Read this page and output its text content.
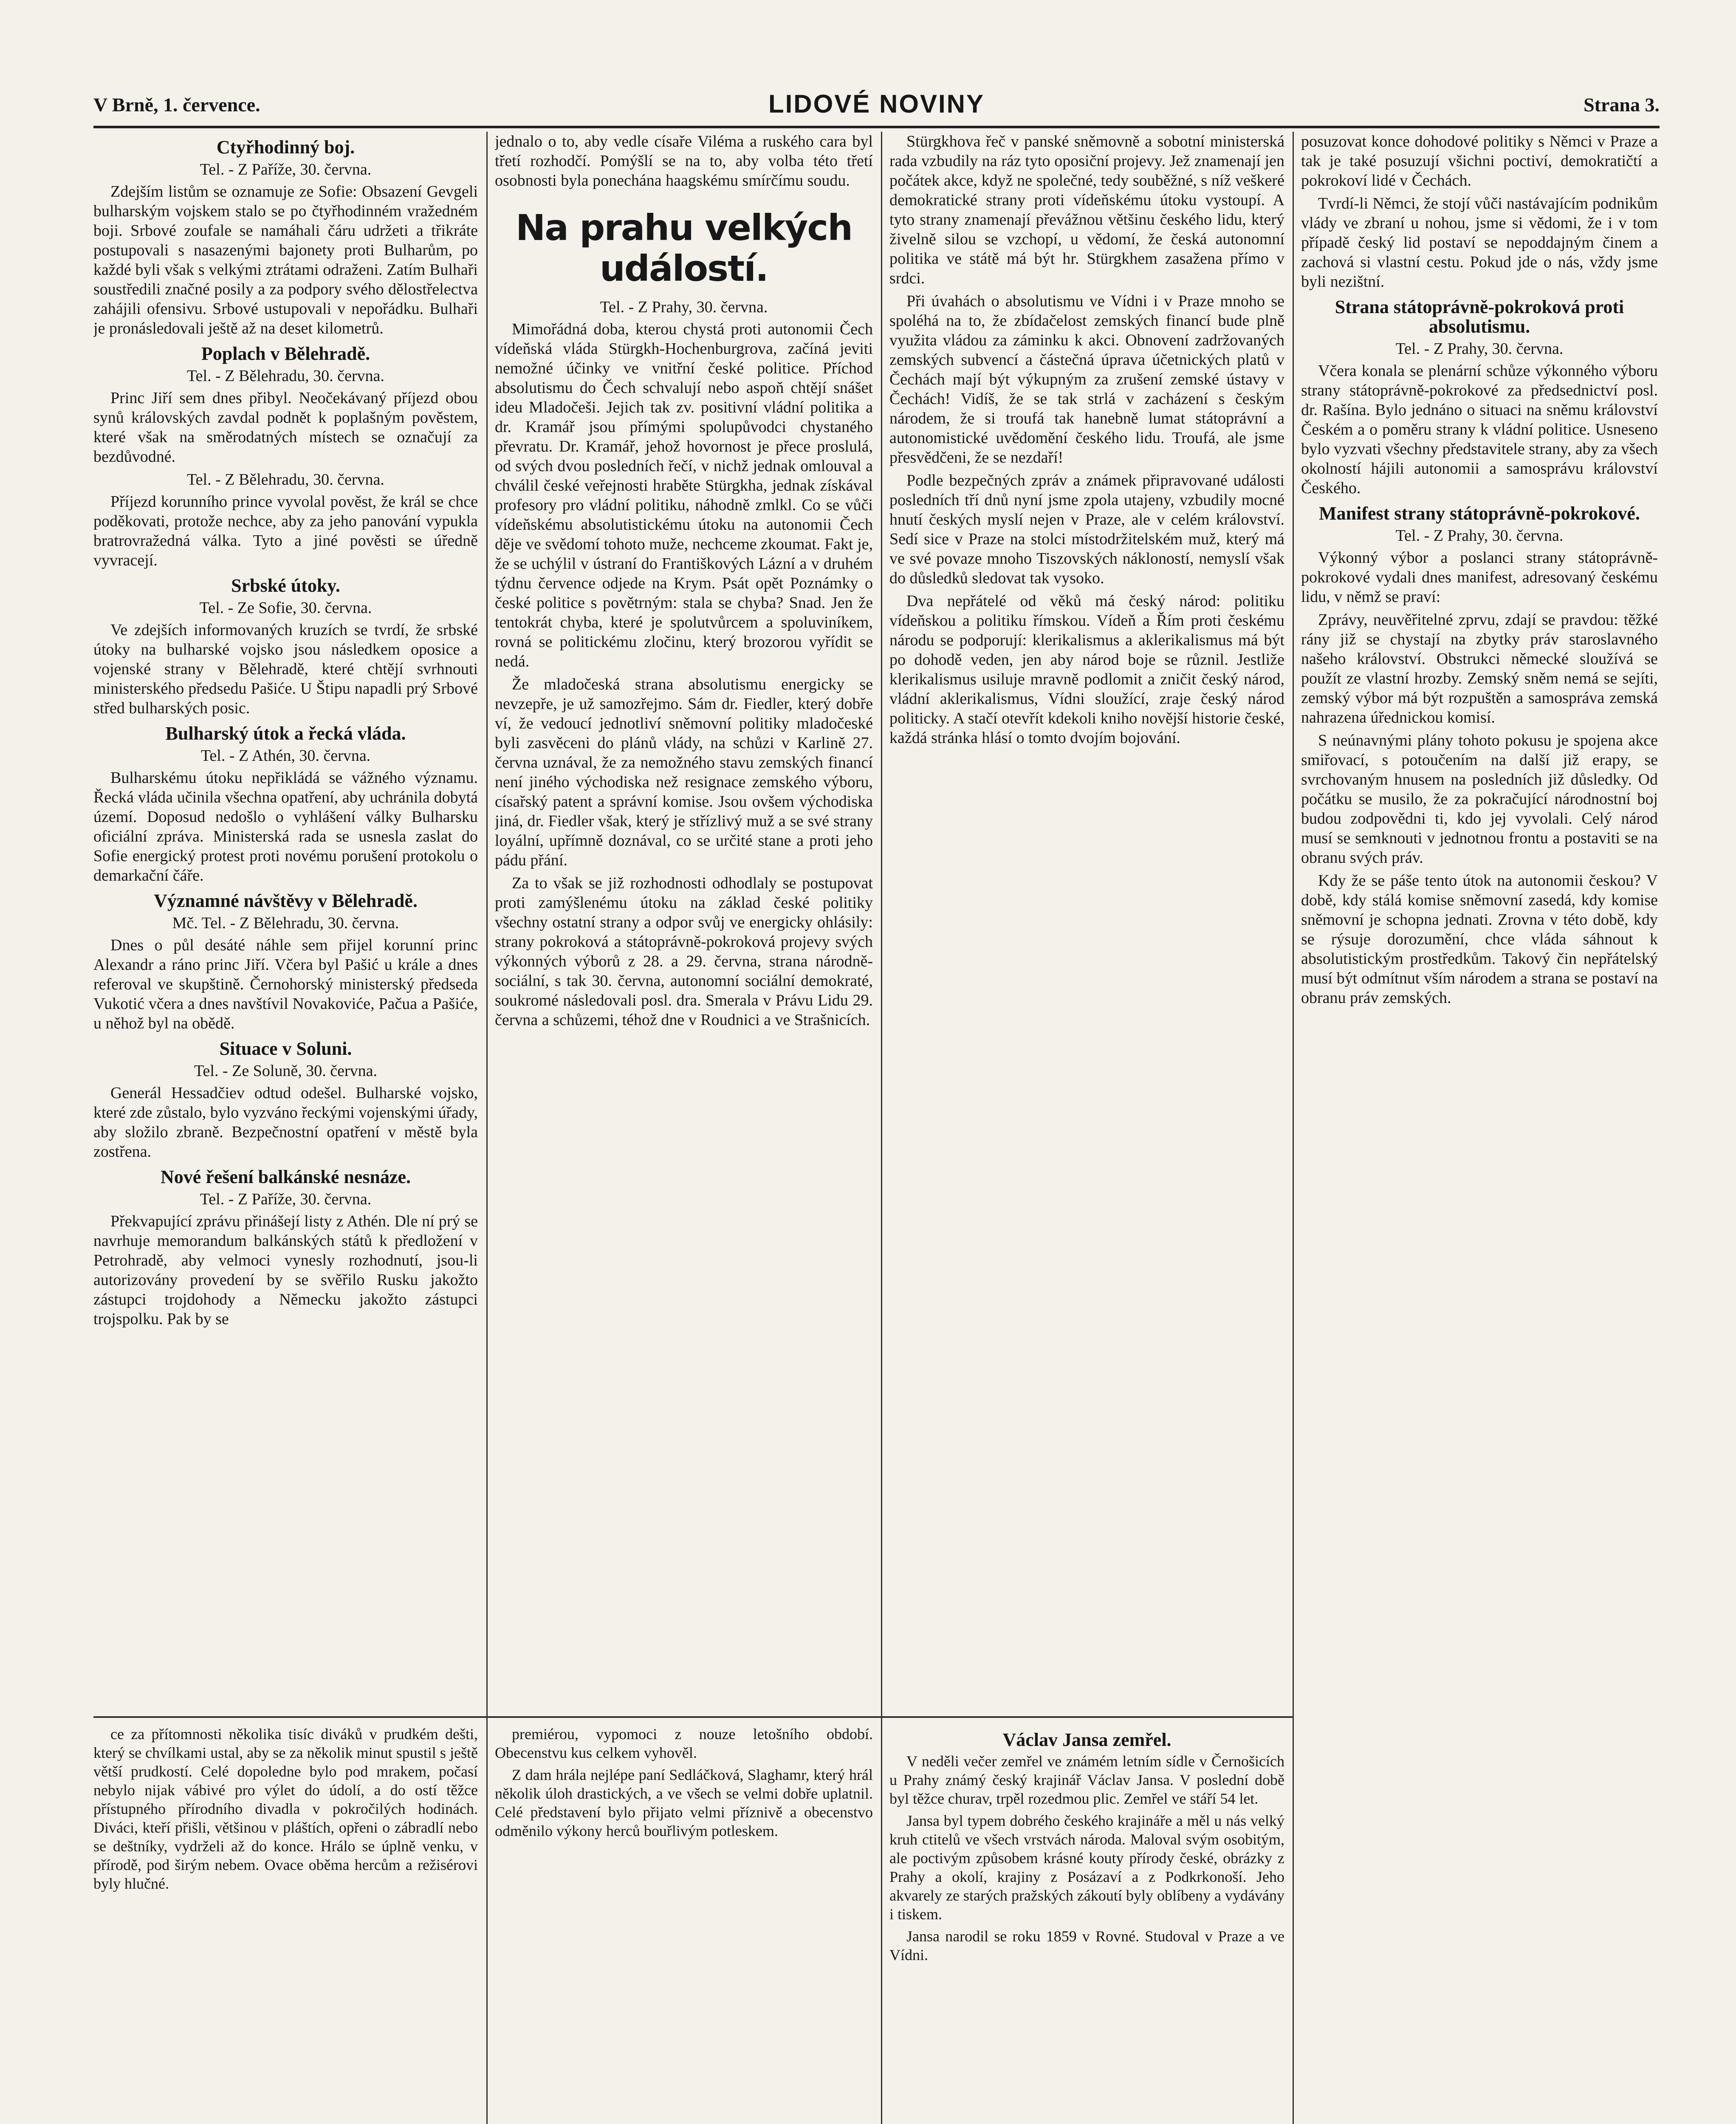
V Brně, 1. července.	LIDOVÉ NOVINY	Strana 3.
Ctyřhodinný boj.
Tel. - Z Paříže, 30. června.

Zdejším listům se oznamuje ze Sofie: Obsazení Gevgeli bulharským vojskem stalo se po čtyřhodinném vražedném boji. Srbové zoufale se namáhali čáru udržeti a třikráte postupovali s nasazenými bajonety proti Bulharům, po každé byli však s velkými ztrátami odraženi. Zatím Bulhaři soustředili značné posily a za podpory svého dělostřelectva zahájili ofensivu. Srbové ustupovali v nepořádku. Bulhaři je pronásledovali ještě až na deset kilometrů.

Poplach v Bělehradě.
Tel. - Z Bělehradu, 30. června.

Princ Jiří sem dnes přibyl. Neočekávaný příjezd obou synů královských zavdal podnět k poplašným pověstem, které však na směrodatných místech se označují za bezdůvodné.

Tel. - Z Bělehradu, 30. června.

Příjezd korunního prince vyvolal pověst, že král se chce poděkovati, protože nechce, aby za jeho panování vypukla bratrovražedná válka. Tyto a jiné pověsti se úředně vyvracejí.

Srbské útoky.
Tel. - Ze Sofie, 30. června.

Ve zdejších informovaných kruzích se tvrdí, že srbské útoky na bulharské vojsko jsou následkem oposice a vojenské strany v Bělehradě, které chtějí svrhnouti ministerského předsedu Pašiće. U Štipu napadli prý Srbové střed bulharských posic.

Bulharský útok a řecká vláda.
Tel. - Z Athén, 30. června.

Bulharskému útoku nepřikládá se vážného významu. Řecká vláda učinila všechna opatření, aby uchránila dobytá území. Doposud nedošlo o vyhlášení války Bulharsku oficiální zpráva. Ministerská rada se usnesla zaslat do Sofie energický protest proti novému porušení protokolu o demarkační čáře.

Významné návštěvy v Bělehradě.
Mč. Tel. - Z Bělehradu, 30. června.

Dnes o půl desáté náhle sem přijel korunní princ Alexandr a ráno princ Jiří. Včera byl Pašić u krále a dnes referoval ve skupštině. Černohorský ministerský předseda Vukotić včera a dnes navštívil Novakoviće, Pačua a Pašiće, u něhož byl na obědě.

Situace v Soluni.
Tel. - Ze Soluně, 30. června.

Generál Hessadčiev odtud odešel. Bulharské vojsko, které zde zůstalo, bylo vyzváno řeckými vojenskými úřady, aby složilo zbraně. Bezpečnostní opatření v městě byla zostřena.

Nové řešení balkánské nesnáze.
Tel. - Z Paříže, 30. června.

Překvapující zprávu přinášejí listy z Athén. Dle ní prý se navrhuje memorandum balkánských států k předložení v Petrohradě, aby velmoci vynesly rozhodnutí, jsou-li autorizovány provedení by se svěřilo Rusku jakožto zástupci trojdohody a Německu jakožto zástupci trojspolku. Pak by se

jednalo o to, aby vedle císaře Viléma a ruského cara byl třetí rozhodčí. Pomýšlí se na to, aby volba této třetí osobnosti byla ponechána haagskému smírčímu soudu.

Na prahu velkých událostí.
Tel. - Z Prahy, 30. června.

Mimořádná doba, kterou chystá proti autonomii Čech vídeňská vláda Stürgkh-Hochenburgrova, začíná jeviti nemožné účinky ve vnitřní české politice. Příchod absolutismu do Čech schvalují nebo aspoň chtějí snášet ideu Mladočeši. Jejich tak zv. positivní vládní politika a dr. Kramář jsou přímými spolupůvodci chystaného převratu. Dr. Kramář, jehož hovornost je přece proslulá, od svých dvou posledních řečí, v nichž jednak omlouval a chválil české veřejnosti hraběte Stürgkha, jednak získával profesory pro vládní politiku, náhodně zmlkl. Co se vůči vídeňskému absolutistickému útoku na autonomii Čech děje ve svědomí tohoto muže, nechceme zkoumat. Fakt je, že se uchýlil v ústraní do Františkových Lázní a v druhém týdnu července odjede na Krym. Psát opět Poznámky o české politice s povětrným: stala se chyba? Snad. Jen že tentokrát chyba, které je spolutvůrcem a spoluviníkem, rovná se politickému zločinu, který brozorou vyřídit se nedá.

Že mladočeská strana absolutismu energicky se nevzepře, je už samozřejmo. Sám dr. Fiedler, který dobře ví, že vedoucí jednotliví sněmovní politiky mladočeské byli zasvěceni do plánů vlády, na schůzi v Karlině 27. června uznával, že za nemožného stavu zemských financí není jiného východiska než resignace zemského výboru, císařský patent a správní komise. Jsou ovšem východiska jiná, dr. Fiedler však, který je střízlivý muž a se své strany loyální, upřímně doznával, co se určité stane a proti jeho pádu přání.

Za to však se již rozhodnosti odhodlaly se postupovat proti zamýšlenému útoku na základ české politiky všechny ostatní strany a odpor svůj ve energicky ohlásily: strany pokroková a státoprávně-pokroková projevy svých výkonných výborů z 28. a 29. června, strana národně-sociální, s tak 30. června, autonomní sociální demokraté, soukromé následovali posl. dra. Smerala v Právu Lidu 29. června a schůzemi, téhož dne v Roudnici a ve Strašnicích.

Stürgkhova řeč v panské sněmovně a sobotní ministerská rada vzbudily na ráz tyto oposiční projevy. Jež znamenají jen počátek akce, když ne společné, tedy souběžné, s níž veškeré demokratické strany proti vídeňskému útoku vystoupí. A tyto strany znamenají převážnou většinu českého lidu, který živelně silou se vzchopí, u vědomí, že česká autonomní politika ve státě má být hr. Stürgkhem zasažena přímo v srdci.

Při úvahách o absolutismu ve Vídni i v Praze mnoho se spoléhá na to, že zbídačelost zemských financí bude plně využita vládou za záminku k akci. Obnovení zadržovaných zemských subvencí a částečná úprava účetnických platů v Čechách mají být výkupným za zrušení zemské ústavy v Čechách! Vidíš, že se tak strlá v zacházení s českým národem, že si troufá tak hanebně lumat státoprávní a autonomistické uvědomění českého lidu. Troufá, ale jsme přesvědčeni, že se nezdaří!

Podle bezpečných zpráv a známek připravované události posledních tří dnů nyní jsme zpola utajeny, vzbudily mocné hnutí českých myslí nejen v Praze, ale v celém království. Sedí sice v Praze na stolci místodržitelském muž, který má ve své povaze mnoho Tiszovských nákloností, nemyslí však do důsledků sledovat tak vysoko.

Dva nepřátelé od věků má český národ: politiku vídeňskou a politiku římskou. Vídeň a Řím proti českému národu se podporují: klerikalismus a aklerikalismus má být po dohodě veden, jen aby národ boje se různil. Jestliže klerikalismus usiluje mravně podlomit a zničit český národ, vládní aklerikalismus, Vídni sloužící, zraje český národ politicky. A stačí otevřít kdekoli kniho novější historie české, každá stránka hlásí o tomto dvojím bojování.

ce za přítomnosti několika tisíc diváků v prudkém dešti, který se chvílkami ustal, aby se za několik minut spustil s ještě větší prudkostí. Celé dopoledne bylo pod mrakem, počasí nebylo nijak vábivé pro výlet do údolí, a do ostí těžce přístupného přírodního divadla v pokročilých hodinách. Diváci, kteří přišli, většinou v pláštích, opřeni o zábradlí nebo se deštníky, vydrželi až do konce. Hrálo se úplně venku, v přírodě, pod širým nebem. Ovace oběma hercům a režisérovi byly hlučné.

premiérou, vypomoci z nouze letošního období. Obecenstvu kus celkem vyhověl.

Z dam hrála nejlépe paní Sedláčková, Slaghamr, který hrál několik úloh drastických, a ve všech se velmi dobře uplatnil. Celé představení bylo přijato velmi příznivě a obecenstvo odměnilo výkony herců bouřlivým potleskem.

Václav Jansa zemřel.

V neděli večer zemřel ve známém letním sídle v Černošicích u Prahy známý český krajinář Václav Jansa. V poslední době byl těžce churav, trpěl rozedmou plic. Zemřel ve stáří 54 let.

Jansa byl typem dobrého českého krajináře a měl u nás velký kruh ctitelů ve všech vrstvách národa. Maloval svým osobitým, ale poctivým způsobem krásné kouty přírody české, obrázky z Prahy a okolí, krajiny z Posázaví a z Podkrkonoší. Jeho akvarely ze starých pražských zákoutí byly oblíbeny a vydávány i tiskem.

Jansa narodil se roku 1859 v Rovné. Studoval v Praze a ve Vídni.

posuzovat konce dohodové politiky s Němci v Praze a tak je také posuzují všichni poctiví, demokratičtí a pokrokoví lidé v Čechách.

Tvrdí-li Němci, že stojí vůči nastávajícím podnikům vlády ve zbraní u nohou, jsme si vědomi, že i v tom případě český lid postaví se nepoddajným činem a zachová si vlastní cestu. Pokud jde o nás, vždy jsme byli nezištní.

Strana státoprávně-pokroková proti absolutismu.
Tel. - Z Prahy, 30. června.

Včera konala se plenární schůze výkonného výboru strany státoprávně-pokrokové za předsednictví posl. dr. Rašína. Bylo jednáno o situaci na sněmu království Českém a o poměru strany k vládní politice. Usneseno bylo vyzvati všechny představitele strany, aby za všech okolností hájili autonomii a samosprávu království Českého.

Manifest strany státoprávně-pokrokové.
Tel. - Z Prahy, 30. června.

Výkonný výbor a poslanci strany státoprávně-pokrokové vydali dnes manifest, adresovaný českému lidu, v němž se praví:

Zprávy, neuvěřitelné zprvu, zdají se pravdou: těžké rány již se chystají na zbytky práv staroslavného našeho království. Obstrukci německé sloužívá se použít ze vlastní hrozby. Zemský sněm nemá se sejíti, zemský výbor má být rozpuštěn a samospráva zemská nahrazena úřednickou komisí.

S neúnavnými plány tohoto pokusu je spojena akce smiřovací, s potoučením na další již erapy, se svrchovaným hnusem na posledních již důsledky. Od počátku se musilo, že za pokračující národnostní boj budou zodpovědni ti, kdo jej vyvolali. Celý národ musí se semknouti v jednotnou frontu a postaviti se na obranu svých práv.

Kdy že se páše tento útok na autonomii českou? V době, kdy stálá komise sněmovní zasedá, kdy komise sněmovní je schopna jednati. Zrovna v této době, kdy se rýsuje dorozumění, chce vláda sáhnout k absolutistickým prostředkům. Takový čin nepřátelský musí být odmítnut vším národem a strana se postaví na obranu práv zemských.
